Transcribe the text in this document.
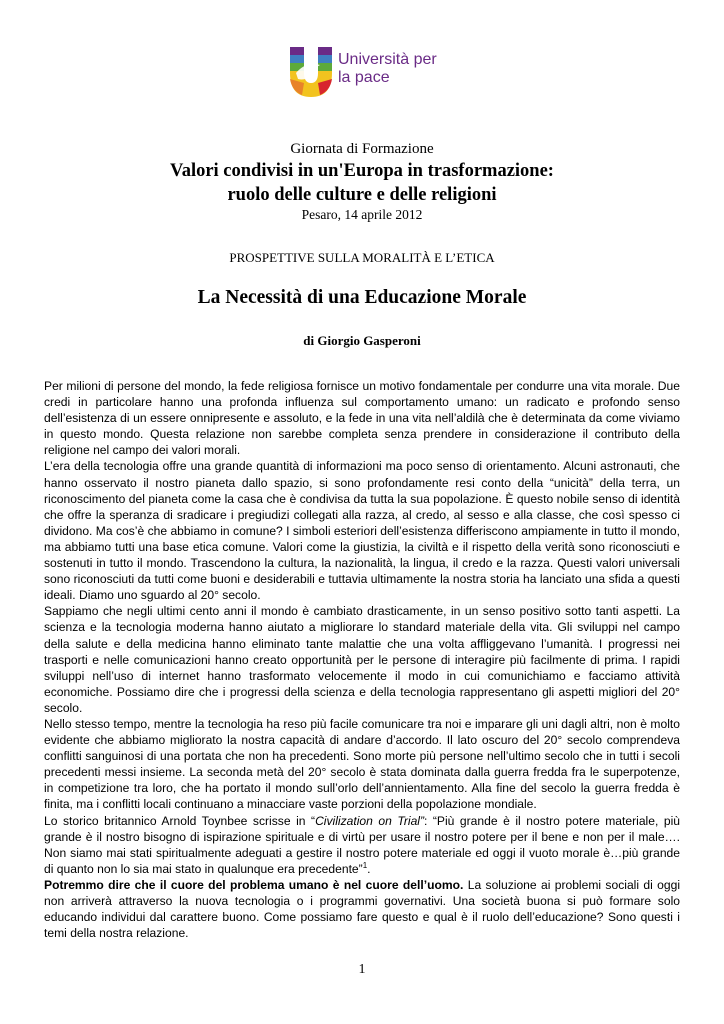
Università per
la pace
Giornata di Formazione
Valori condivisi in un'Europa in trasformazione:
ruolo delle culture e delle religioni
Pesaro, 14 aprile 2012
PROSPETTIVE SULLA MORALITÀ E L’ETICA
La Necessità di una Educazione Morale
di Giorgio Gasperoni

Per milioni di persone del mondo, la fede religiosa fornisce un motivo fondamentale per condurre una vita morale. Due credi in particolare hanno una profonda influenza sul comportamento umano: un radicato e profondo senso dell’esistenza di un essere onnipresente e assoluto, e la fede in una vita nell’aldilà che è determinata da come viviamo in questo mondo. Questa relazione non sarebbe completa senza prendere in considerazione il contributo della religione nel campo dei valori morali.

L’era della tecnologia offre una grande quantità di informazioni ma poco senso di orientamento. Alcuni astronauti, che hanno osservato il nostro pianeta dallo spazio, si sono profondamente resi conto della “unicità” della terra, un riconoscimento del pianeta come la casa che è condivisa da tutta la sua popolazione. È questo nobile senso di identità che offre la speranza di sradicare i pregiudizi collegati alla razza, al credo, al sesso e alla classe, che così spesso ci dividono. Ma cos’è che abbiamo in comune? I simboli esteriori dell’esistenza differiscono ampiamente in tutto il mondo, ma abbiamo tutti una base etica comune. Valori come la giustizia, la civiltà e il rispetto della verità sono riconosciuti e sostenuti in tutto il mondo. Trascendono la cultura, la nazionalità, la lingua, il credo e la razza. Questi valori universali sono riconosciuti da tutti come buoni e desiderabili e tuttavia ultimamente la nostra storia ha lanciato una sfida a questi ideali. Diamo uno sguardo al 20° secolo.

Sappiamo che negli ultimi cento anni il mondo è cambiato drasticamente, in un senso positivo sotto tanti aspetti. La scienza e la tecnologia moderna hanno aiutato a migliorare lo standard materiale della vita. Gli sviluppi nel campo della salute e della medicina hanno eliminato tante malattie che una volta affliggevano l’umanità. I progressi nei trasporti e nelle comunicazioni hanno creato opportunità per le persone di interagire più facilmente di prima. I rapidi sviluppi nell’uso di internet hanno trasformato velocemente il modo in cui comunichiamo e facciamo attività economiche. Possiamo dire che i progressi della scienza e della tecnologia rappresentano gli aspetti migliori del 20° secolo.

Nello stesso tempo, mentre la tecnologia ha reso più facile comunicare tra noi e imparare gli uni dagli altri, non è molto evidente che abbiamo migliorato la nostra capacità di andare d’accordo. Il lato oscuro del 20° secolo comprendeva conflitti sanguinosi di una portata che non ha precedenti. Sono morte più persone nell’ultimo secolo che in tutti i secoli precedenti messi insieme. La seconda metà del 20° secolo è stata dominata dalla guerra fredda fra le superpotenze, in competizione tra loro, che ha portato il mondo sull’orlo dell’annientamento. Alla fine del secolo la guerra fredda è finita, ma i conflitti locali continuano a minacciare vaste porzioni della popolazione mondiale.

Lo storico britannico Arnold Toynbee scrisse in “Civilization on Trial”: “Più grande è il nostro potere materiale, più grande è il nostro bisogno di ispirazione spirituale e di virtù per usare il nostro potere per il bene e non per il male…. Non siamo mai stati spiritualmente adeguati a gestire il nostro potere materiale ed oggi il vuoto morale è…più grande di quanto non lo sia mai stato in qualunque era precedente”$^1$.

Potremmo dire che il cuore del problema umano è nel cuore dell’uomo. La soluzione ai problemi sociali di oggi non arriverà attraverso la nuova tecnologia o i programmi governativi. Una società buona si può formare solo educando individui dal carattere buono. Come possiamo fare questo e qual è il ruolo dell’educazione? Sono questi i temi della nostra relazione.

1
